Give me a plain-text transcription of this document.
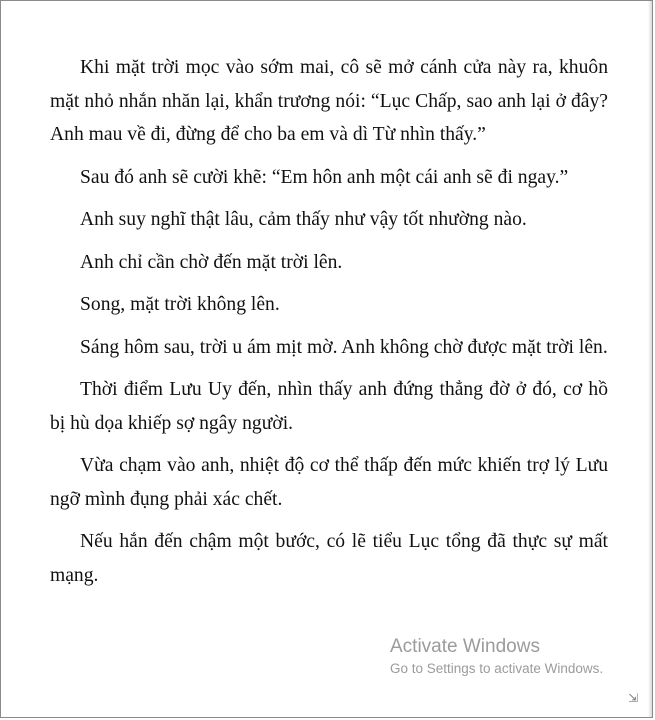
Khi mặt trời mọc vào sớm mai, cô sẽ mở cánh cửa này ra, khuôn mặt nhỏ nhắn nhăn lại, khẩn trương nói: “Lục Chấp, sao anh lại ở đây? Anh mau về đi, đừng để cho ba em và dì Từ nhìn thấy.”

Sau đó anh sẽ cười khẽ: “Em hôn anh một cái anh sẽ đi ngay.”

Anh suy nghĩ thật lâu, cảm thấy như vậy tốt nhường nào.

Anh chỉ cần chờ đến mặt trời lên.

Song, mặt trời không lên.

Sáng hôm sau, trời u ám mịt mờ. Anh không chờ được mặt trời lên.

Thời điểm Lưu Uy đến, nhìn thấy anh đứng thẳng đờ ở đó, cơ hồ bị hù dọa khiếp sợ ngây người.

Vừa chạm vào anh, nhiệt độ cơ thể thấp đến mức khiến trợ lý Lưu ngỡ mình đụng phải xác chết.

Nếu hắn đến chậm một bước, có lẽ tiểu Lục tổng đã thực sự mất mạng.

Activate Windows
Go to Settings to activate Windows.
⇲
